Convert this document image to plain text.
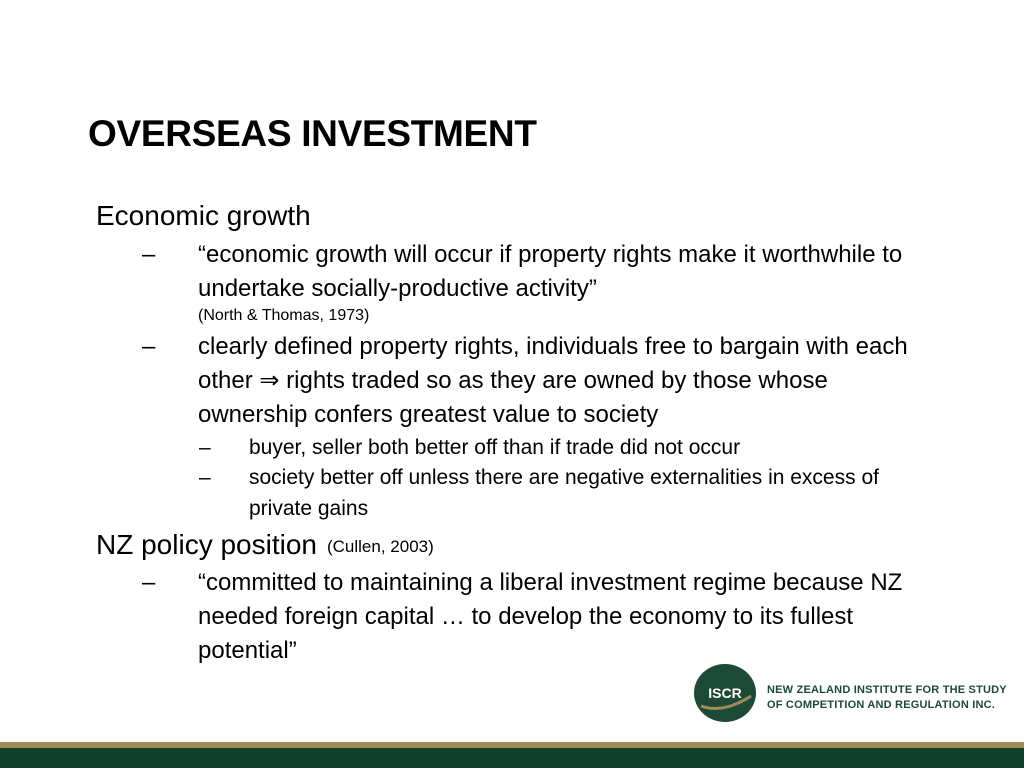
OVERSEAS INVESTMENT
Economic growth
–	“economic growth will occur if property rights make it worthwhile to undertake socially-productive activity”
(North & Thomas, 1973)
–	clearly defined property rights, individuals free to bargain with each other ⇒ rights traded so as they are owned by those whose ownership confers greatest value to society
–	buyer, seller both better off than if trade did not occur
–	society better off unless there are negative externalities in excess of private gains
NZ policy position (Cullen, 2003)
–	“committed to maintaining a liberal investment regime because NZ needed foreign capital … to develop the economy to its fullest potential”
ISCR NEW ZEALAND INSTITUTE FOR THE STUDY
OF COMPETITION AND REGULATION INC.
